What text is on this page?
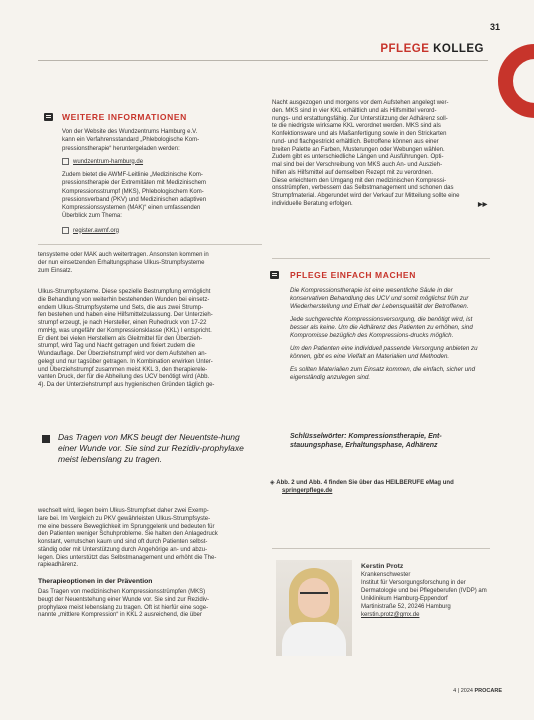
31
PFLEGE KOLLEG
WEITERE INFORMATIONEN
Von der Website des Wundzentrums Hamburg e.V.
kann ein Verfahrensstandard „Phlebologische Kom-
pressionstherapie“ heruntergeladen werden:
wundzentrum-hamburg.de
Zudem bietet die AWMF-Leitlinie „Medizinische Kom-
pressionstherapie der Extremitäten mit Medizinischem
Kompressionsstrumpf (MKS), Phlebologischem Kom-
pressionsverband (PKV) und Medizinischen adaptiven
Kompressionssystemen (MAK)“ einen umfassenden
Überblick zum Thema:
register.awmf.org
tensysteme oder MAK auch weitertragen. Ansonsten kommen in
der nun einsetzenden Erhaltungsphase Ulkus-Strumpfsysteme
zum Einsatz.
Ulkus-Strumpfsysteme. Diese spezielle Bestrumpfung ermöglicht
die Behandlung von weiterhin bestehenden Wunden bei einsetz-
endem Ulkus-Strumpfsysteme und Sets, die aus zwei Strump-
fen bestehen und haben eine Hilfsmittelzulassung. Der Unterzieh-
strumpf erzeugt, je nach Hersteller, einen Ruhedruck von 17-22
mmHg, was ungefähr der Kompressionsklasse (KKL) I entspricht.
Er dient bei vielen Herstellern als Gleitmittel für den Überzieh-
strumpf, wird Tag und Nacht getragen und fixiert zudem die
Wundauflage. Der Überziehstrumpf wird vor dem Aufstehen an-
gelegt und nur tagsüber getragen. In Kombination erwirken Unter-
und Überziehstrumpf zusammen meist KKL 3, den therapierele-
vanten Druck, der für die Abheilung des UCV benötigt wird (Abb.
4). Da der Unterziehstrumpf aus hygienischen Gründen täglich ge-
Das Tragen von MKS beugt der Neuentste-hung einer Wunde vor. Sie sind zur Rezidiv-prophylaxe meist lebenslang zu tragen.
wechselt wird, liegen beim Ulkus-Strumpfset daher zwei Exemp-
lare bei. Im Vergleich zu PKV gewährleisten Ulkus-Strumpfsyste-
me eine bessere Beweglichkeit im Sprunggelenk und bedeuten für
den Patienten weniger Schuhprobleme. Sie halten den Anlagedruck
konstant, verrutschen kaum und sind oft durch Patienten selbst-
ständig oder mit Unterstützung durch Angehörige an- und abzu-
legen. Dies unterstützt das Selbstmanagement und erhöht die The-
rapieadhärenz.
Therapieoptionen in der Prävention
Das Tragen von medizinischen Kompressionsstrümpfen (MKS)
beugt der Neuentstehung einer Wunde vor. Sie sind zur Rezidiv-
prophylaxe meist lebenslang zu tragen. Oft ist hierfür eine soge-
nannte „mittlere Kompression“ in KKL 2 ausreichend, die über
Nacht ausgezogen und morgens vor dem Aufstehen angelegt wer-
den. MKS sind in vier KKL erhältlich und als Hilfsmittel verord-
nungs- und erstattungsfähig. Zur Unterstützung der Adhärenz soll-
te die niedrigste wirksame KKL verordnet werden. MKS sind als
Konfektionsware und als Maßanfertigung sowie in den Strickarten
rund- und flachgestrickt erhältlich. Betroffene können aus einer
breiten Palette an Farben, Musterungen oder Webungen wählen.
Zudem gibt es unterschiedliche Längen und Ausführungen. Opti-
mal sind bei der Verschreibung von MKS auch An- und Auszieh-
hilfen als Hilfsmittel auf demselben Rezept mit zu verordnen.
Diese erleichtern den Umgang mit den medizinischen Kompressi-
onsstrümpfen, verbessern das Selbstmanagement und schonen das
Strumpfmaterial. Abgerundet wird der Verkauf zur Mitteilung sollte eine
individuelle Beratung erfolgen.	▶▶
PFLEGE EINFACH MACHEN

Die Kompressionstherapie ist eine wesentliche Säule in der konservativen Behandlung des UCV und somit möglichst früh zur Wiederherstellung und Erhalt der Lebensqualität der Betroffenen.

Jede suchgerechte Kompressionsversorgung, die benötigt wird, ist besser als keine. Um die Adhärenz des Patienten zu erhöhen, sind Kompromisse bezüglich des Kompressions-drucks möglich.

Um den Patienten eine individuell passende Versorgung anbieten zu können, gibt es eine Vielfalt an Materialien und Methoden.

Es sollten Materialien zum Einsatz kommen, die einfach, sicher und eigenständig anzulegen sind.

Schlüsselwörter: Kompressionstherapie, Ent-stauungsphase, Erhaltungsphase, Adhärenz
◈ Abb. 2 und Abb. 4 finden Sie über das HEILBERUFE eMag und
springerpflege.de
Kerstin Protz
Krankenschwester
Institut für Versorgungsforschung in der
Dermatologie und bei Pflegeberufen (IVDP) am
Uniklinikum Hamburg-Eppendorf
Martinistraße 52, 20246 Hamburg
kerstin.protz@gmx.de
4 | 2024 PROCARE
